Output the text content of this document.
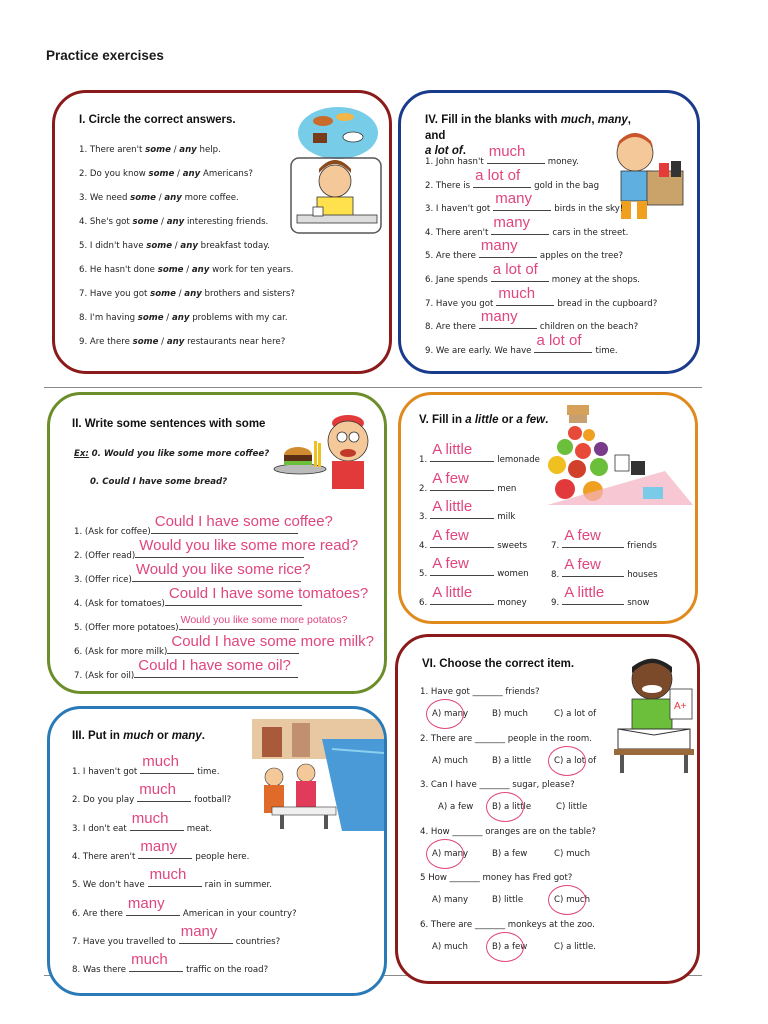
Practice exercises
I. Circle the correct answers.
1. There aren't some / any help.
2. Do you know some / any Americans?
3. We need some / any more coffee.
4. She's got some / any interesting friends.
5. I didn't have some / any breakfast today.
6. He hasn't done some / any work for ten years.
7. Have you got some / any brothers and sisters?
8. I'm having some / any problems with my car.
9. Are there some / any restaurants near here?
IV. Fill in the blanks with much, many, and
a lot of.
1. John hasn't
much
money.
2. There is
a lot of
gold in the bag
3. I haven't got
many
birds in the sky!
4. There aren't
many
cars in the street.
5. Are there
many
apples on the tree?
6. Jane spends
a lot of
money at the shops.
7. Have you got
much
bread in the cupboard?
8. Are there
many
children on the beach?
9. We are early. We have
a lot of
time.
II. Write some sentences with some
Ex: 0. Would you like some more coffee?
0. Could I have some bread?
1. (Ask for coffee)
Could I have some coffee?
2. (Offer read)
Would you like some more read?
3. (Offer rice)
Would you like some rice?
4. (Ask for tomatoes)
Could I have some tomatoes?
5. (Offer more potatoes)
Would you like some more potatos?
6. (Ask for more milk)
Could I have some more milk?
7. (Ask for oil)
Could I have some oil?
V. Fill in a little or a few.
1.
A little
lemonade
2.
A few
men
3.
A little
milk
4.
A few
sweets
5.
A few
women
6.
A little
money
7.
A few
friends
8.
A few
houses
9.
A little
snow
III. Put in much or many.
1. I haven't got
much
time.
2. Do you play
much
football?
3. I don't eat
much
meat.
4. There aren't
many
people here.
5. We don't have
much
rain in summer.
6. Are there
many
American in your country?
7. Have you travelled to
many
countries?
8. Was there
much
traffic on the road?
VI. Choose the correct item.
A+
1. Have got _______ friends?
A) many	B) much	C) a lot of
2. There are _______ people in the room.
A) much	B) a little	C) a lot of
3. Can I have _______ sugar, please?
A) a few B) a little	C) little
4. How _______ oranges are on the table?
A) many	B) a few	C) much
5 How _______ money has Fred got?
A) many	B) little	C) much
6. There are _______ monkeys at the zoo.
A) much	B) a few	C) a little.
